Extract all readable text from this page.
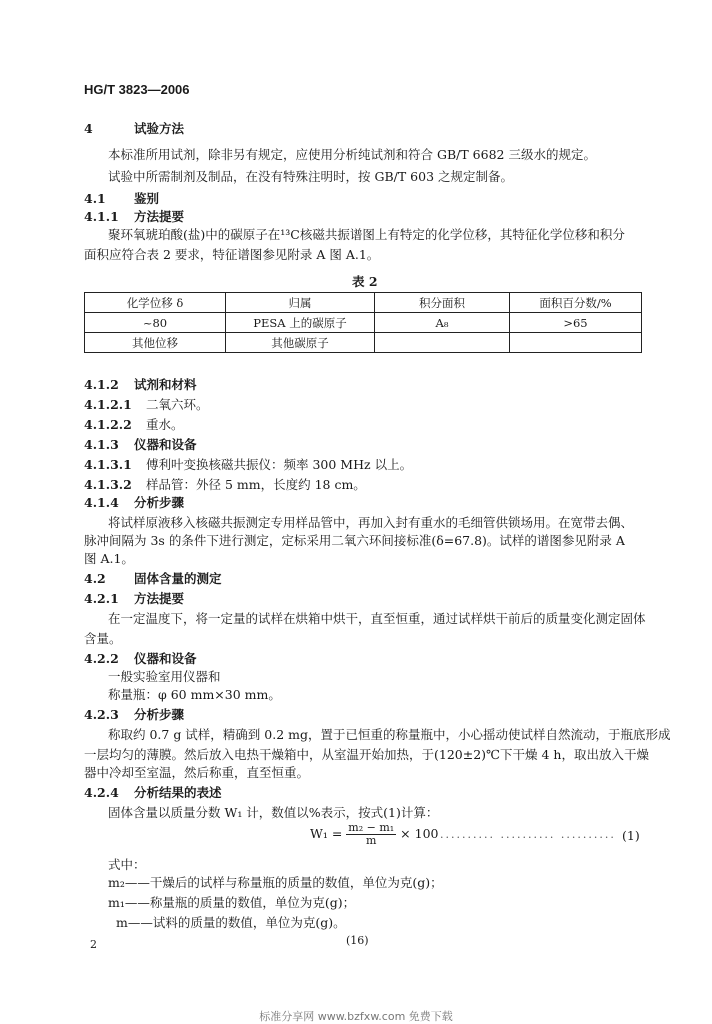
HG/T 3823—2006
4	试验方法
本标准所用试剂，除非另有规定，应使用分析纯试剂和符合 GB/T 6682 三级水的规定。
试验中所需制剂及制品，在没有特殊注明时，按 GB/T 603 之规定制备。
4.1 鉴别
4.1.1 方法提要
聚环氧琥珀酸(盐)中的碳原子在¹³C核磁共振谱图上有特定的化学位移，其特征化学位移和积分
面积应符合表 2 要求，特征谱图参见附录 A 图 A.1。
表 2
化学位移 δ	归属	积分面积	面积百分数/%
~80	PESA 上的碳原子	A₈	>65
其他位移	其他碳原子		
4.1.2 试剂和材料
4.1.2.1 二氧六环。
4.1.2.2 重水。
4.1.3 仪器和设备
4.1.3.1 傅利叶变换核磁共振仪：频率 300 MHz 以上。
4.1.3.2 样品管：外径 5 mm，长度约 18 cm。
4.1.4 分析步骤
将试样原液移入核磁共振测定专用样品管中，再加入封有重水的毛细管供锁场用。在宽带去偶、
脉冲间隔为 3s 的条件下进行测定，定标采用二氧六环间接标准(δ=67.8)。试样的谱图参见附录 A
图 A.1。
4.2 固体含量的测定
4.2.1 方法提要
在一定温度下，将一定量的试样在烘箱中烘干，直至恒重，通过试样烘干前后的质量变化测定固体
含量。
4.2.2 仪器和设备
一般实验室用仪器和
称量瓶：φ 60 mm×30 mm。
4.2.3 分析步骤
称取约 0.7 g 试样，精确到 0.2 mg，置于已恒重的称量瓶中，小心摇动使试样自然流动，于瓶底形成
一层均匀的薄膜。然后放入电热干燥箱中，从室温开始加热，于(120±2)℃下干燥 4 h，取出放入干燥
器中冷却至室温，然后称重，直至恒重。
4.2.4 分析结果的表述
固体含量以质量分数 W₁ 计，数值以%表示，按式(1)计算：
$W_1 = \frac{\text{m₂ − m₁}}{m} \times 100$ .......... .......... .......... (1)
式中：
m₂——干燥后的试样与称量瓶的质量的数值，单位为克(g)；
m₁——称量瓶的质量的数值，单位为克(g)；
m——试料的质量的数值，单位为克(g)。
2	(16)
标准分享网 www.bzfxw.com 免费下载
